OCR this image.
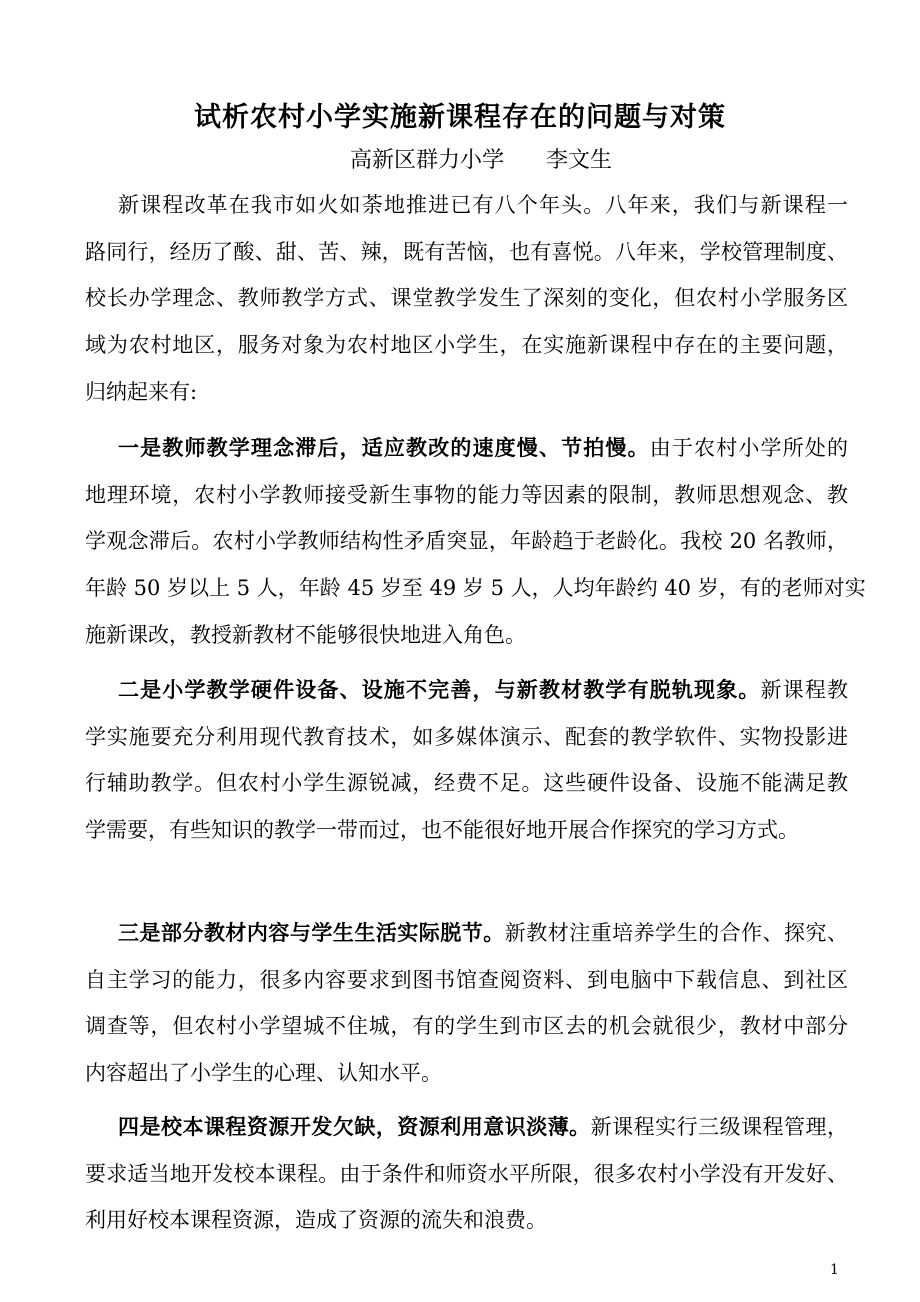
试析农村小学实施新课程存在的问题与对策
高新区群力小学      李文生
新课程改革在我市如火如荼地推进已有八个年头。八年来，我们与新课程一
路同行，经历了酸、甜、苦、辣，既有苦恼，也有喜悦。八年来，学校管理制度、
校长办学理念、教师教学方式、课堂教学发生了深刻的变化，但农村小学服务区
域为农村地区，服务对象为农村地区小学生，在实施新课程中存在的主要问题，
归纳起来有:
一是教师教学理念滞后，适应教改的速度慢、节拍慢。由于农村小学所处的
地理环境，农村小学教师接受新生事物的能力等因素的限制，教师思想观念、教
学观念滞后。农村小学教师结构性矛盾突显，年龄趋于老龄化。我校 20 名教师，
年龄 50 岁以上 5 人，年龄 45 岁至 49 岁 5 人，人均年龄约 40 岁，有的老师对实
施新课改，教授新教材不能够很快地进入角色。
二是小学教学硬件设备、设施不完善，与新教材教学有脱轨现象。新课程教
学实施要充分利用现代教育技术，如多媒体演示、配套的教学软件、实物投影进
行辅助教学。但农村小学生源锐减，经费不足。这些硬件设备、设施不能满足教
学需要，有些知识的教学一带而过，也不能很好地开展合作探究的学习方式。
三是部分教材内容与学生生活实际脱节。新教材注重培养学生的合作、探究、
自主学习的能力，很多内容要求到图书馆查阅资料、到电脑中下载信息、到社区
调查等，但农村小学望城不住城，有的学生到市区去的机会就很少，教材中部分
内容超出了小学生的心理、认知水平。
四是校本课程资源开发欠缺，资源利用意识淡薄。新课程实行三级课程管理，
要求适当地开发校本课程。由于条件和师资水平所限，很多农村小学没有开发好、
利用好校本课程资源，造成了资源的流失和浪费。
1
